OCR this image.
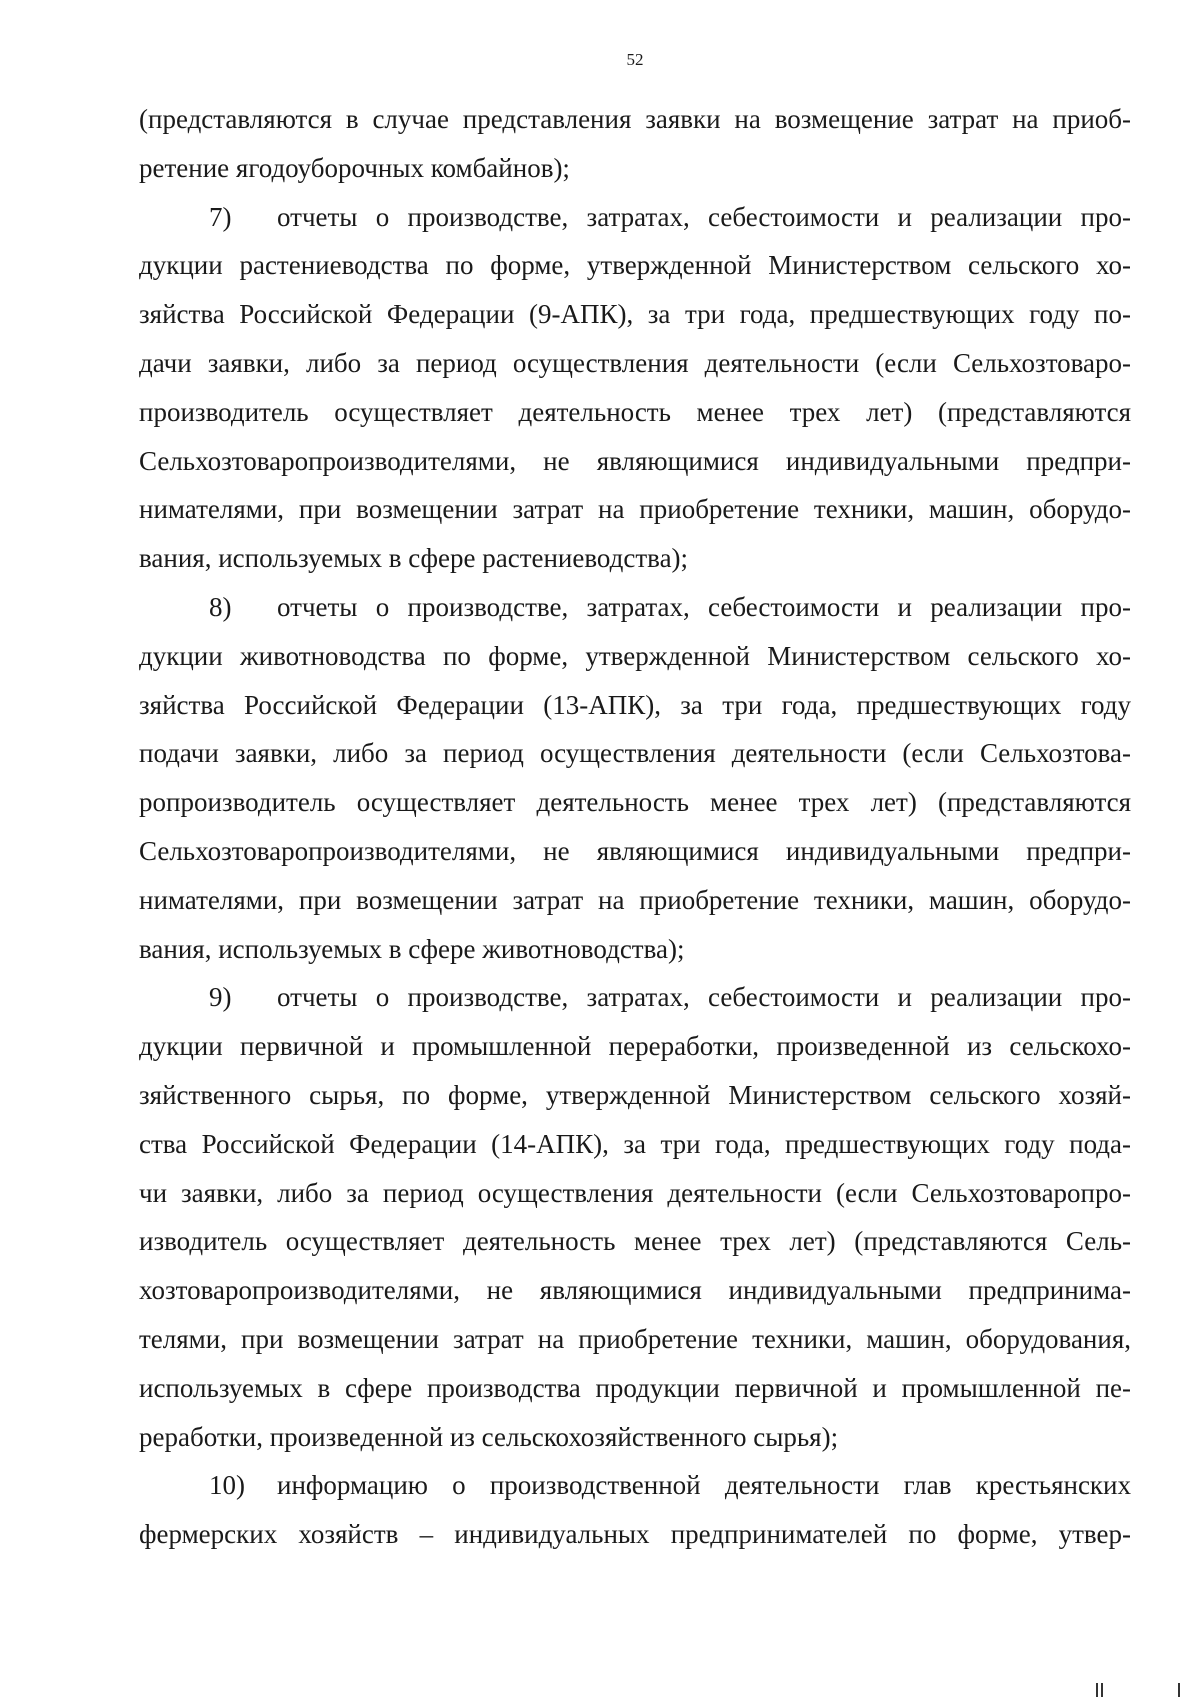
52
(представляются в случае представления заявки на возмещение затрат на приоб-
ретение ягодоуборочных комбайнов);
7) отчеты о производстве, затратах, себестоимости и реализации про-
дукции растениеводства по форме, утвержденной Министерством сельского хо-
зяйства Российской Федерации (9-АПК), за три года, предшествующих году по-
дачи заявки, либо за период осуществления деятельности (если Сельхозтоваро-
производитель осуществляет деятельность менее трех лет) (представляются
Сельхозтоваропроизводителями, не являющимися индивидуальными предпри-
нимателями, при возмещении затрат на приобретение техники, машин, оборудо-
вания, используемых в сфере растениеводства);
8) отчеты о производстве, затратах, себестоимости и реализации про-
дукции животноводства по форме, утвержденной Министерством сельского хо-
зяйства Российской Федерации (13-АПК), за три года, предшествующих году
подачи заявки, либо за период осуществления деятельности (если Сельхозтова-
ропроизводитель осуществляет деятельность менее трех лет) (представляются
Сельхозтоваропроизводителями, не являющимися индивидуальными предпри-
нимателями, при возмещении затрат на приобретение техники, машин, оборудо-
вания, используемых в сфере животноводства);
9) отчеты о производстве, затратах, себестоимости и реализации про-
дукции первичной и промышленной переработки, произведенной из сельскохо-
зяйственного сырья, по форме, утвержденной Министерством сельского хозяй-
ства Российской Федерации (14-АПК), за три года, предшествующих году пода-
чи заявки, либо за период осуществления деятельности (если Сельхозтоваропро-
изводитель осуществляет деятельность менее трех лет) (представляются Сель-
хозтоваропроизводителями, не являющимися индивидуальными предпринима-
телями, при возмещении затрат на приобретение техники, машин, оборудования,
используемых в сфере производства продукции первичной и промышленной пе-
реработки, произведенной из сельскохозяйственного сырья);
10) информацию о производственной деятельности глав крестьянских
фермерских хозяйств – индивидуальных предпринимателей по форме, утвер-
